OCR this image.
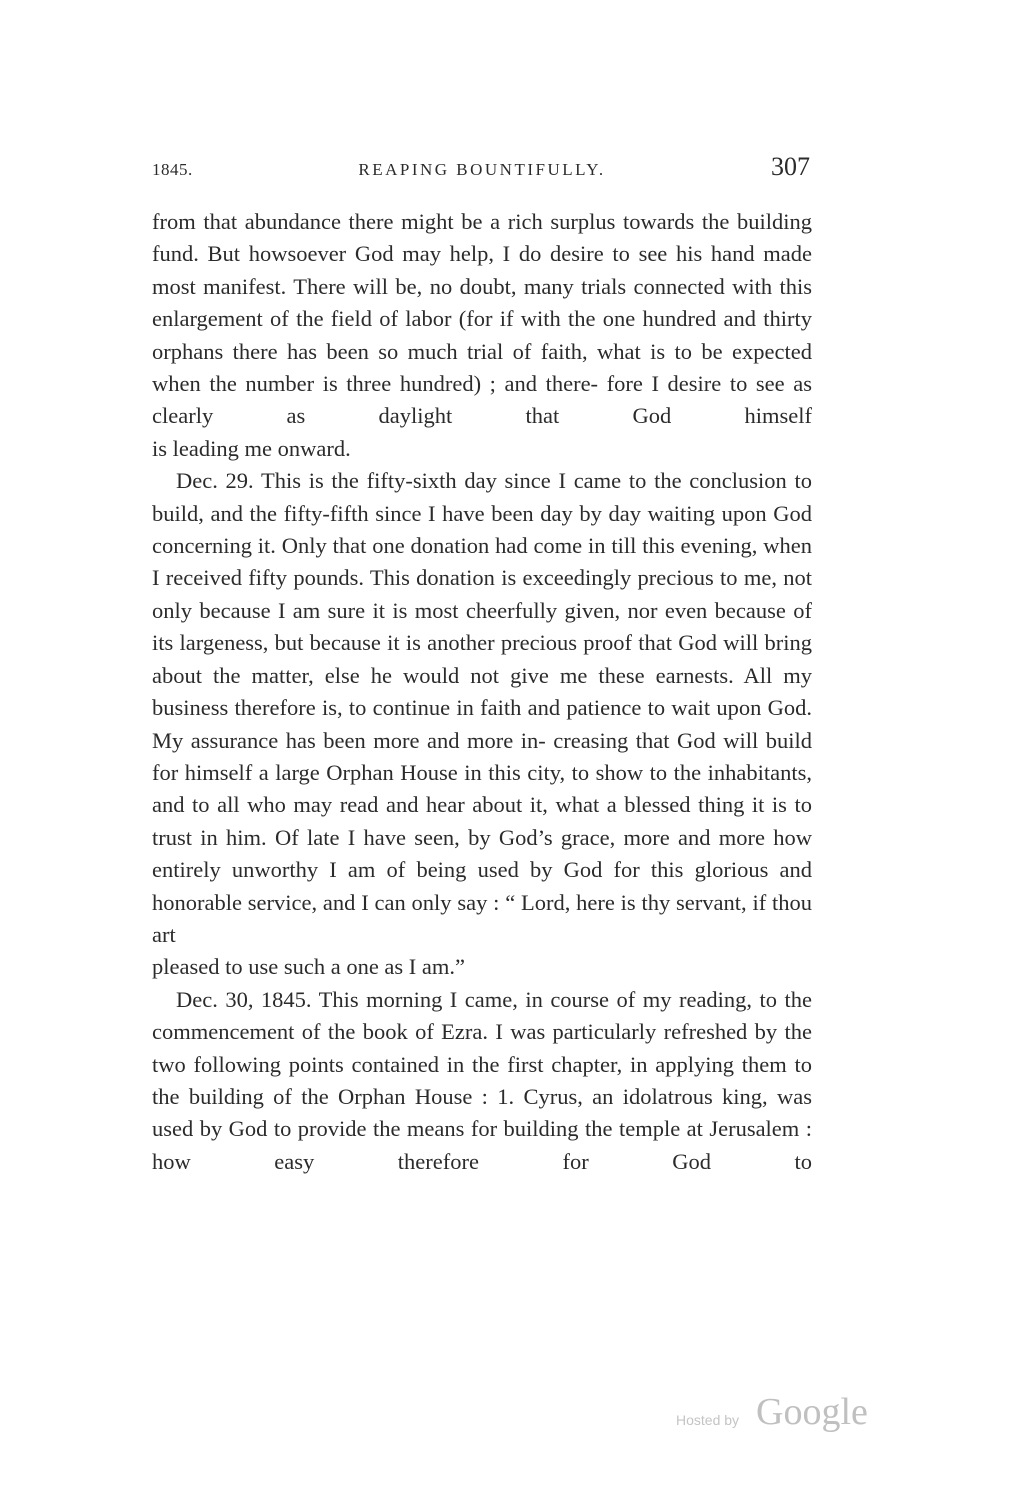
1845.	REAPING BOUNTIFULLY.	307

from that abundance there might be a rich surplus towards the building fund. But howsoever God may help, I do desire to see his hand made most manifest. There will be, no doubt, many trials connected with this enlargement of the field of labor (for if with the one hundred and thirty orphans there has been so much trial of faith, what is to be expected when the number is three hundred) ; and there- fore I desire to see as clearly as daylight that God himself

is leading me onward.

Dec. 29. This is the fifty-sixth day since I came to the conclusion to build, and the fifty-fifth since I have been day by day waiting upon God concerning it. Only that one donation had come in till this evening, when I received fifty pounds. This donation is exceedingly precious to me, not only because I am sure it is most cheerfully given, nor even because of its largeness, but because it is another precious proof that God will bring about the matter, else he would not give me these earnests. All my business therefore is, to continue in faith and patience to wait upon God. My assurance has been more and more in- creasing that God will build for himself a large Orphan House in this city, to show to the inhabitants, and to all who may read and hear about it, what a blessed thing it is to trust in him. Of late I have seen, by God’s grace, more and more how entirely unworthy I am of being used by God for this glorious and honorable service, and I can only say : “ Lord, here is thy servant, if thou art

pleased to use such a one as I am.”

Dec. 30, 1845. This morning I came, in course of my reading, to the commencement of the book of Ezra. I was particularly refreshed by the two following points contained in the first chapter, in applying them to the building of the Orphan House : 1. Cyrus, an idolatrous king, was used by God to provide the means for building the temple at Jerusalem : how easy therefore for God to

Hosted by Google
